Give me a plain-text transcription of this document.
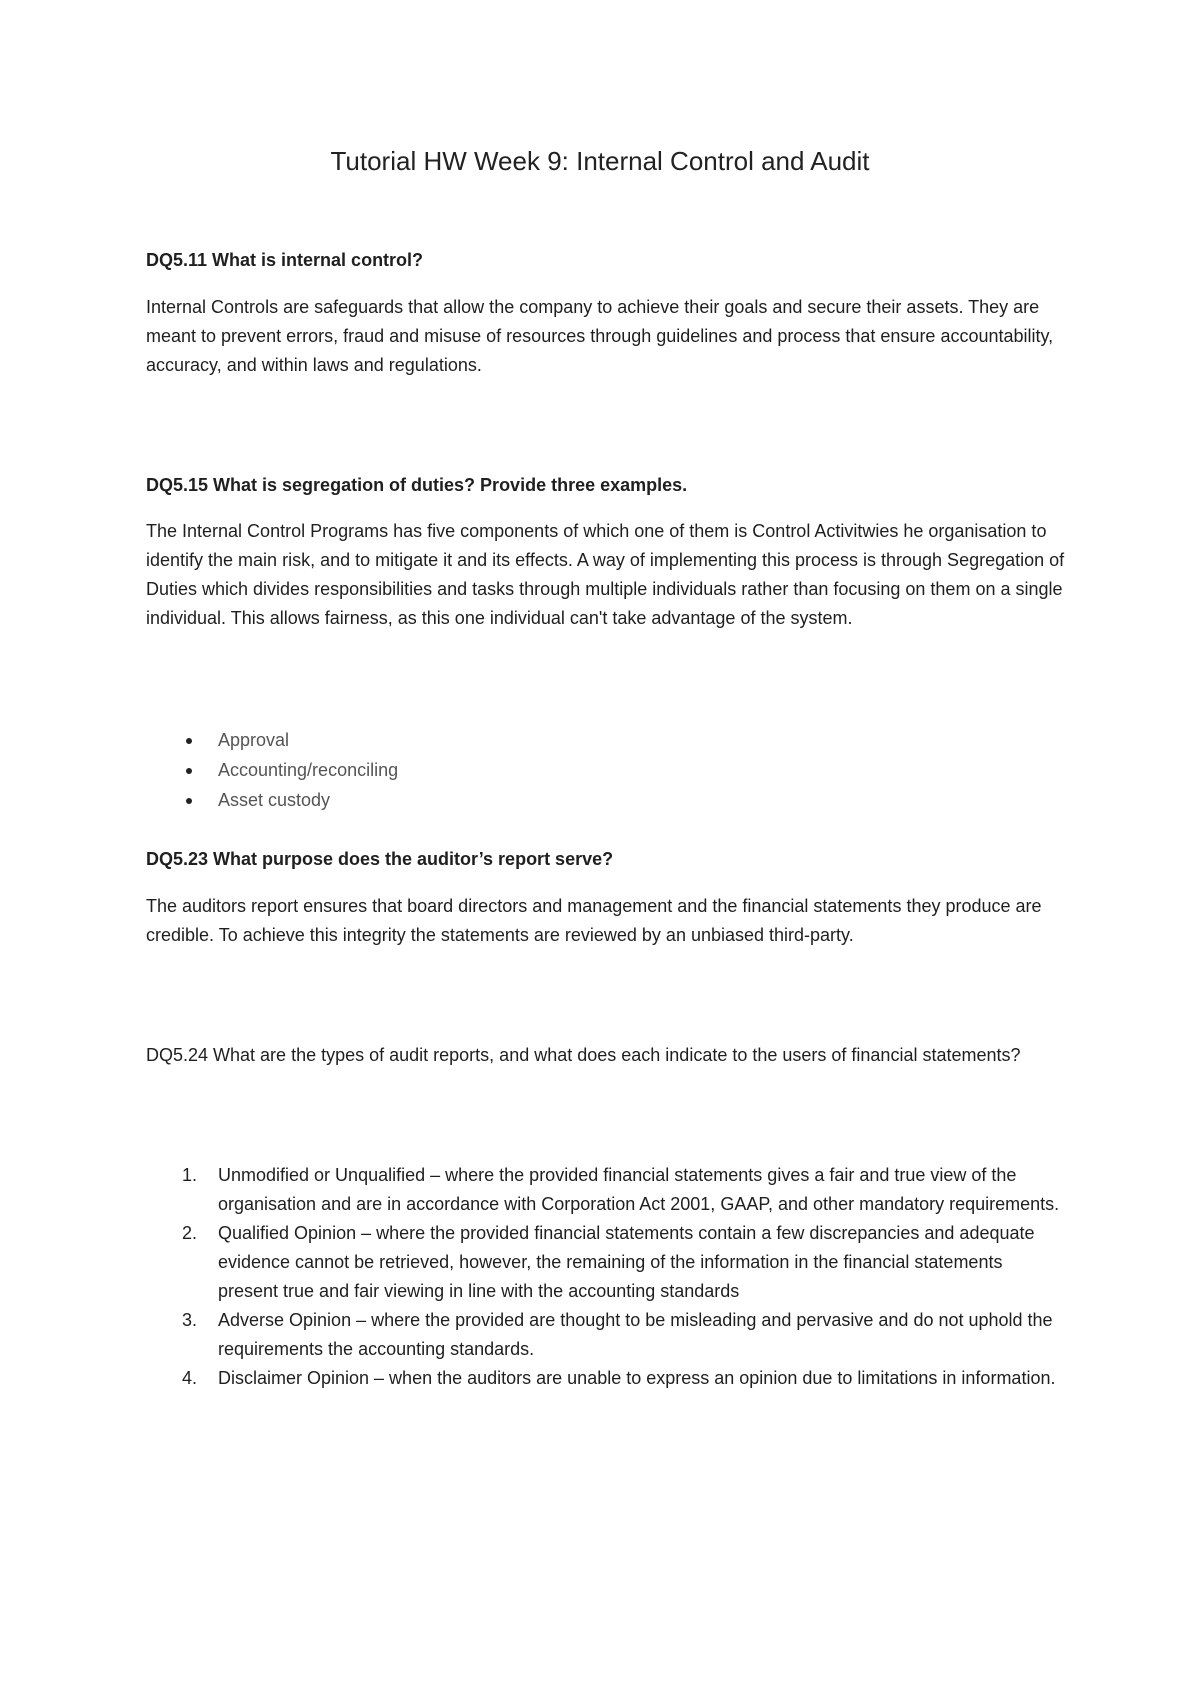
Tutorial HW Week 9: Internal Control and Audit

DQ5.11 What is internal control?

Internal Controls are safeguards that allow the company to achieve their goals and secure their assets. They are meant to prevent errors, fraud and misuse of resources through guidelines and process that ensure accountability, accuracy, and within laws and regulations.

DQ5.15 What is segregation of duties? Provide three examples.

The Internal Control Programs has five components of which one of them is Control Activitwies he organisation to identify the main risk, and to mitigate it and its effects. A way of implementing this process is through Segregation of Duties which divides responsibilities and tasks through multiple individuals rather than focusing on them on a single individual. This allows fairness, as this one individual can't take advantage of the system.

Approval
Accounting/reconciling
Asset custody

DQ5.23 What purpose does the auditor’s report serve?

The auditors report ensures that board directors and management and the financial statements they produce are credible. To achieve this integrity the statements are reviewed by an unbiased third-party.

DQ5.24 What are the types of audit reports, and what does each indicate to the users of financial statements?

1. Unmodified or Unqualified – where the provided financial statements gives a fair and true view of the organisation and are in accordance with Corporation Act 2001, GAAP, and other mandatory requirements.
2. Qualified Opinion – where the provided financial statements contain a few discrepancies and adequate evidence cannot be retrieved, however, the remaining of the information in the financial statements present true and fair viewing in line with the accounting standards
3. Adverse Opinion – where the provided are thought to be misleading and pervasive and do not uphold the requirements the accounting standards.
4. Disclaimer Opinion – when the auditors are unable to express an opinion due to limitations in information.
